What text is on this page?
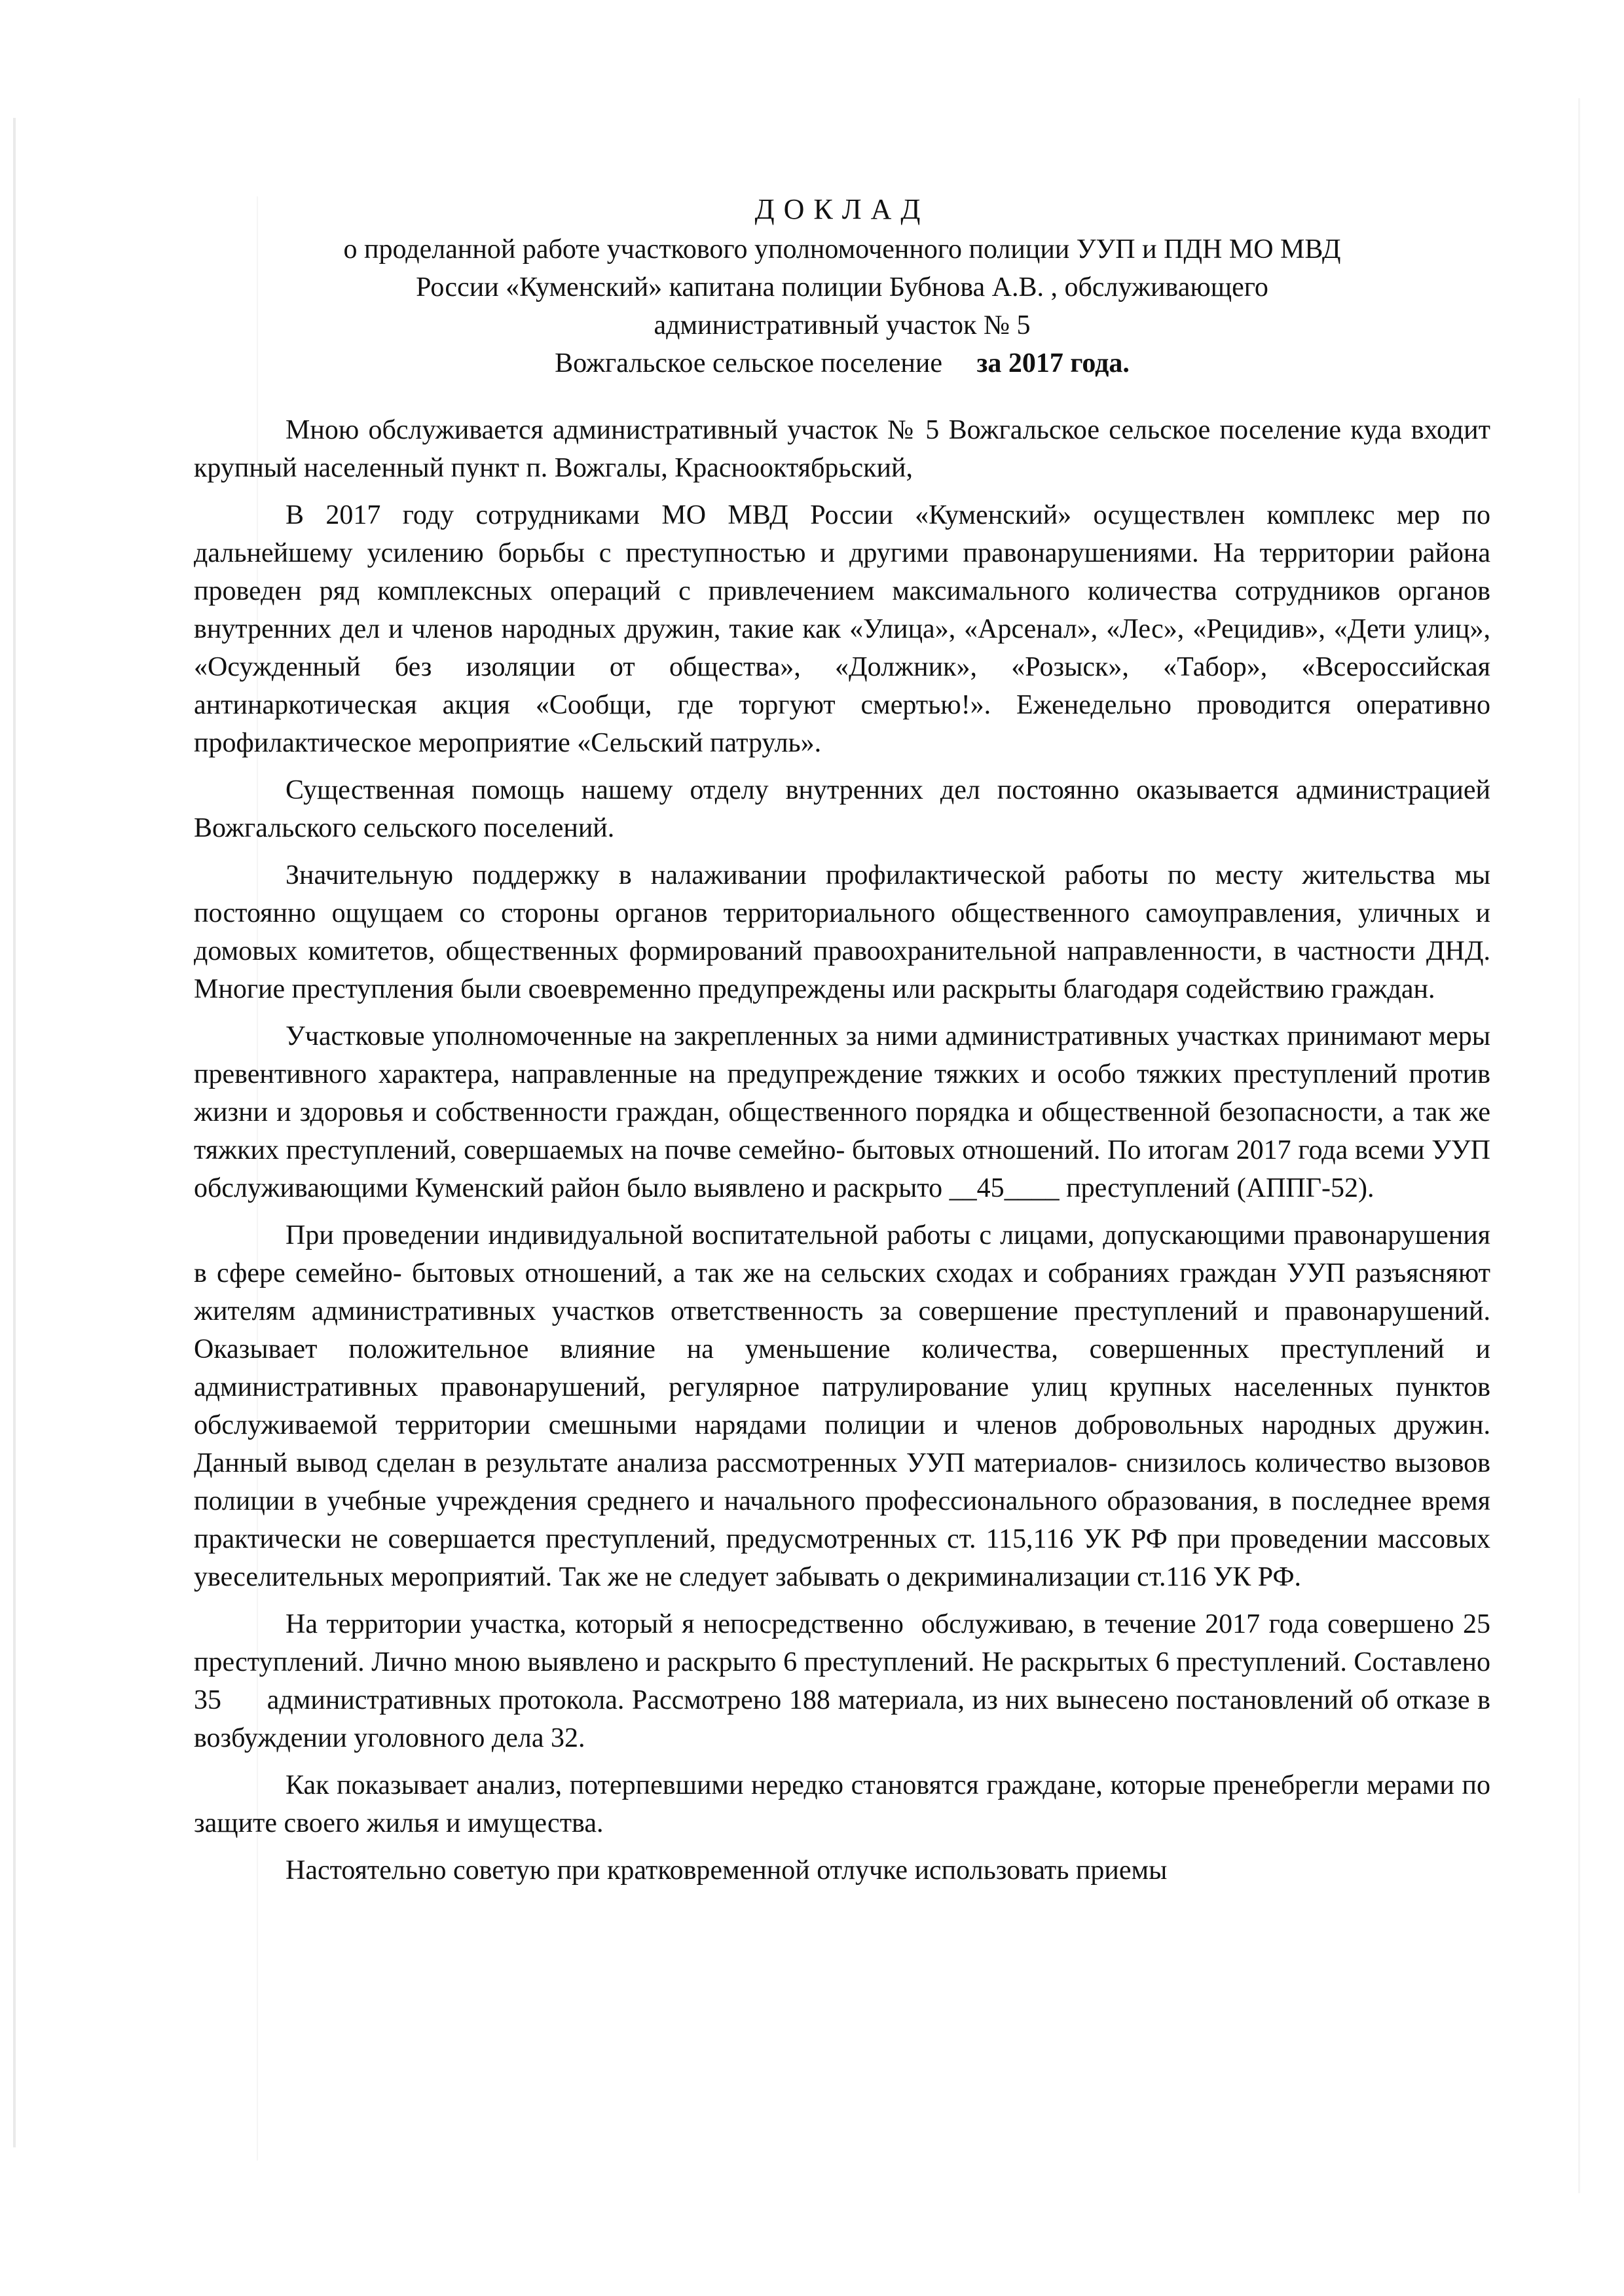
ДОКЛАД

о проделанной работе участкового уполномоченного полиции УУП и ПДН МО МВД
России «Куменский» капитана полиции Бубнова А.В. , обслуживающего
административный участок № 5
Вожгальское сельское поселение за 2017 года.

Мною обслуживается административный участок № 5 Вожгальское сельское поселение куда входит крупный населенный пункт п. Вожгалы, Краснооктябрьский,

В 2017 году сотрудниками МО МВД России «Куменский» осуществлен комплекс мер по дальнейшему усилению борьбы с преступностью и другими правонарушениями. На территории района проведен ряд комплексных операций с привлечением максимального количества сотрудников органов внутренних дел и членов народных дружин, такие как «Улица», «Арсенал», «Лес», «Рецидив», «Дети улиц», «Осужденный без изоляции от общества», «Должник», «Розыск», «Табор», «Всероссийская антинаркотическая акция «Сообщи, где торгуют смертью!». Еженедельно проводится оперативно профилактическое мероприятие «Сельский патруль».

Существенная помощь нашему отделу внутренних дел постоянно оказывается администрацией Вожгальского сельского поселений.

Значительную поддержку в налаживании профилактической работы по месту жительства мы постоянно ощущаем со стороны органов территориального общественного самоуправления, уличных и домовых комитетов, общественных формирований правоохранительной направленности, в частности ДНД. Многие преступления были своевременно предупреждены или раскрыты благодаря содействию граждан.

Участковые уполномоченные на закрепленных за ними административных участках принимают меры превентивного характера, направленные на предупреждение тяжких и особо тяжких преступлений против жизни и здоровья и собственности граждан, общественного порядка и общественной безопасности, а так же тяжких преступлений, совершаемых на почве семейно- бытовых отношений. По итогам 2017 года всеми УУП обслуживающими Куменский район было выявлено и раскрыто __45____ преступлений (АППГ-52).

При проведении индивидуальной воспитательной работы с лицами, допускающими правонарушения в сфере семейно- бытовых отношений, а так же на сельских сходах и собраниях граждан УУП разъясняют жителям административных участков ответственность за совершение преступлений и правонарушений. Оказывает положительное влияние на уменьшение количества, совершенных преступлений и административных правонарушений, регулярное патрулирование улиц крупных населенных пунктов обслуживаемой территории смешными нарядами полиции и членов добровольных народных дружин. Данный вывод сделан в результате анализа рассмотренных УУП материалов- снизилось количество вызовов полиции в учебные учреждения среднего и начального профессионального образования, в последнее время практически не совершается преступлений, предусмотренных ст. 115,116 УК РФ при проведении массовых увеселительных мероприятий. Так же не следует забывать о декриминализации ст.116 УК РФ.

На территории участка, который я непосредственно  обслуживаю, в течение 2017 года совершено 25 преступлений. Лично мною выявлено и раскрыто 6 преступлений. Не раскрытых 6 преступлений. Составлено      35      административных протокола. Рассмотрено 188 материала, из них вынесено постановлений об отказе в возбуждении уголовного дела 32.

Как показывает анализ, потерпевшими нередко становятся граждане, которые пренебрегли мерами по защите своего жилья и имущества.

Настоятельно советую при кратковременной отлучке использовать приемы
